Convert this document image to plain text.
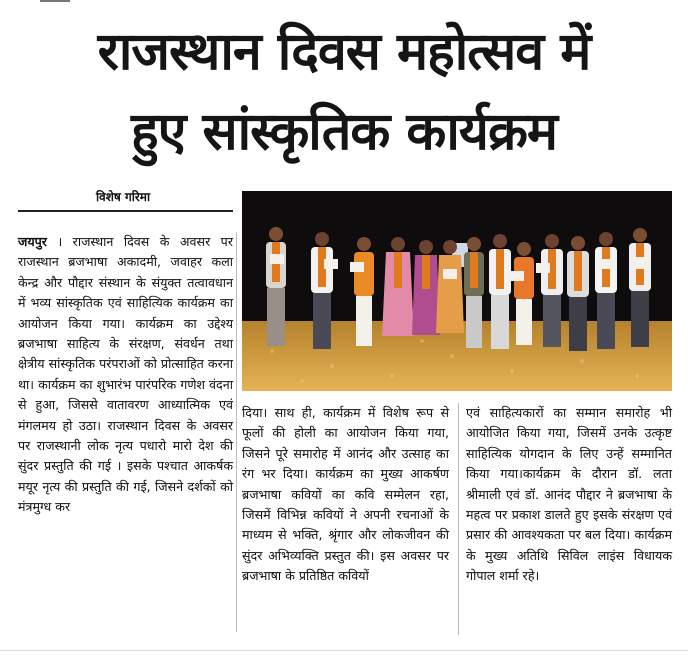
राजस्थान दिवस महोत्सव में
हुए सांस्कृतिक कार्यक्रम
विशेष गरिमा

जयपुर । राजस्थान दिवस के अवसर पर राजस्थान ब्रजभाषा अकादमी, जवाहर कला केन्द्र और पौद्दार संस्थान के संयुक्त तत्वावधान में भव्य सांस्कृतिक एवं साहित्यिक कार्यक्रम का आयोजन किया गया। कार्यक्रम का उद्देश्य ब्रजभाषा साहित्य के संरक्षण, संवर्धन तथा क्षेत्रीय सांस्कृतिक परंपराओं को प्रोत्साहित करना था। कार्यक्रम का शुभारंभ पारंपरिक गणेश वंदना से हुआ, जिससे वातावरण आध्यात्मिक एवं मंगलमय हो उठा। राजस्थान दिवस के अवसर पर राजस्थानी लोक नृत्य पधारो मारो देश की सुंदर प्रस्तुति की गई । इसके पश्चात आकर्षक मयूर नृत्य की प्रस्तुति की गई, जिसने दर्शकों को मंत्रमुग्ध कर

दिया। साथ ही, कार्यक्रम में विशेष रूप से फूलों की होली का आयोजन किया गया, जिसने पूरे समारोह में आनंद और उत्साह का रंग भर दिया। कार्यक्रम का मुख्य आकर्षण ब्रजभाषा कवियों का कवि सम्मेलन रहा, जिसमें विभिन्न कवियों ने अपनी रचनाओं के माध्यम से भक्ति, श्रृंगार और लोकजीवन की सुंदर अभिव्यक्ति प्रस्तुत की। इस अवसर पर ब्रजभाषा के प्रतिष्ठित कवियों

एवं साहित्यकारों का सम्मान समारोह भी आयोजित किया गया, जिसमें उनके उत्कृष्ट साहित्यिक योगदान के लिए उन्हें सम्मानित किया गया।कार्यक्रम के दौरान डॉ. लता श्रीमाली एवं डॉ. आनंद पौद्दार ने ब्रजभाषा के महत्व पर प्रकाश डालते हुए इसके संरक्षण एवं प्रसार की आवश्यकता पर बल दिया। कार्यक्रम के मुख्य अतिथि सिविल लाइंस विधायक गोपाल शर्मा रहे।
